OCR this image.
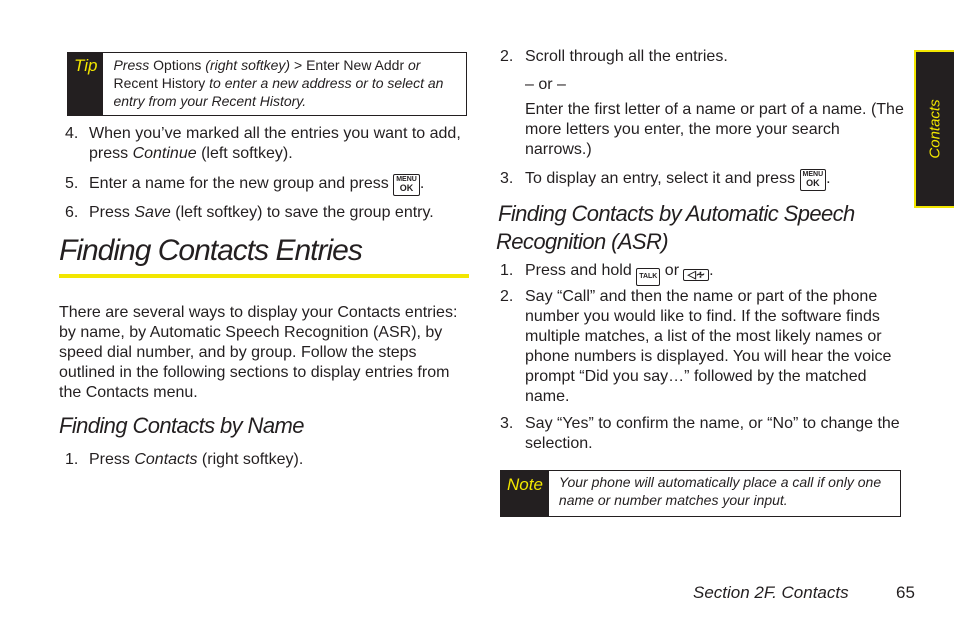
Tip	Press Options (right softkey) > Enter New Addr or Recent History to enter a new address or to select an entry from your Recent History.
4. When you’ve marked all the entries you want to add,
press Continue (left softkey).
5. Enter a name for the new group and press MENU
OK .
6. Press Save (left softkey) to save the group entry.
Finding Contacts Entries
There are several ways to display your Contacts entries: by name, by Automatic Speech Recognition (ASR), by speed dial number, and by group. Follow the steps outlined in the following sections to display entries from the Contacts menu.
Finding Contacts by Name
1. Press Contacts (right softkey).
2. Scroll through all the entries.
– or –
Enter the first letter of a name or part of a name. (The more letters you enter, the more your search narrows.)
3. To display an entry, select it and press MENU
OK .
Finding Contacts by Automatic Speech
Recognition (ASR)
1. Press and hold TALK or ◁∻ .
2. Say “Call” and then the name or part of the phone number you would like to find. If the software finds multiple matches, a list of the most likely names or phone numbers is displayed. You will hear the voice prompt “Did you say…” followed by the matched name.
3. Say “Yes” to confirm the name, or “No” to change the selection.
Note	Your phone will automatically place a call if only one name or number matches your input.
Contacts
Section 2F. Contacts	65
